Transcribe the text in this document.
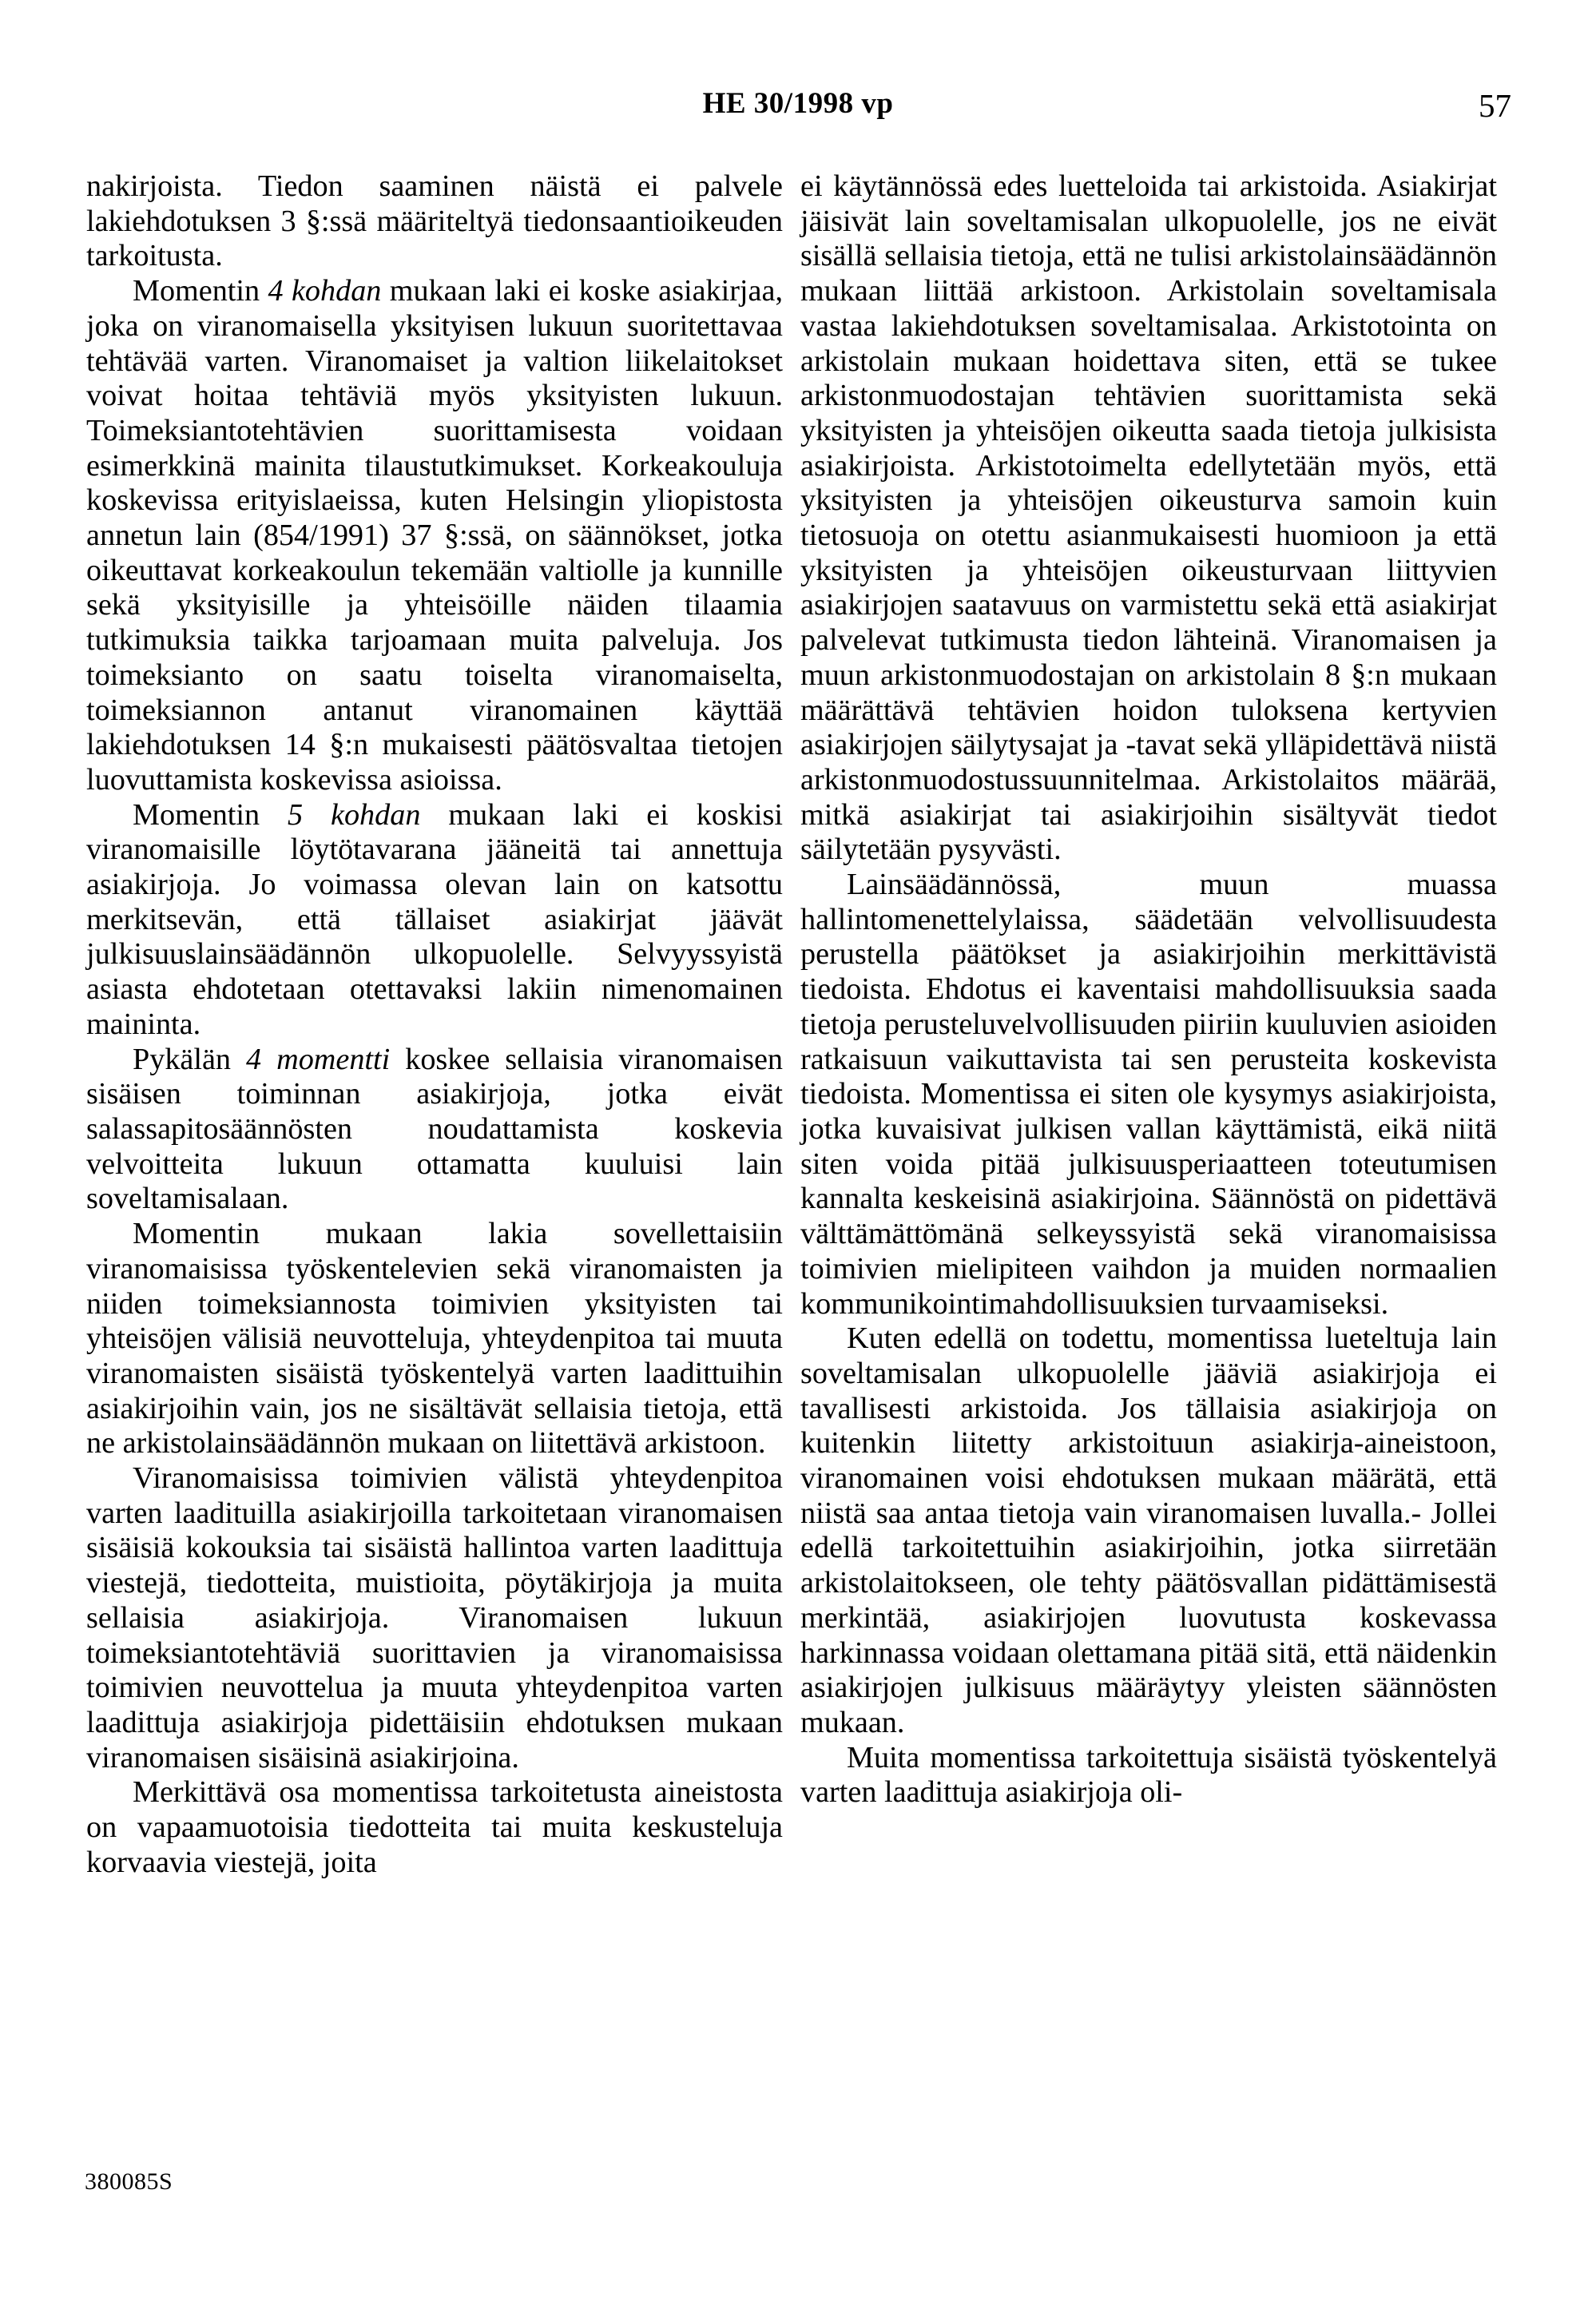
HE 30/1998 vp	57

nakirjoista. Tiedon saaminen näistä ei palvele lakiehdotuksen 3 §:ssä määriteltyä tiedonsaantioikeuden tarkoitusta.

Momentin 4 kohdan mukaan laki ei koske asiakirjaa, joka on viranomaisella yksityisen lukuun suoritettavaa tehtävää varten. Viranomaiset ja valtion liikelaitokset voivat hoitaa tehtäviä myös yksityisten lukuun. Toimeksiantotehtävien suorittamisesta voidaan esimerkkinä mainita tilaustutkimukset. Korkeakouluja koskevissa erityislaeissa, kuten Helsingin yliopistosta annetun lain (854/1991) 37 §:ssä, on säännökset, jotka oikeuttavat korkeakoulun tekemään valtiolle ja kunnille sekä yksityisille ja yhteisöille näiden tilaamia tutkimuksia taikka tarjoamaan muita palveluja. Jos toimeksianto on saatu toiselta viranomaiselta, toimeksiannon antanut viranomainen käyttää lakiehdotuksen 14 §:n mukaisesti päätösvaltaa tietojen luovuttamista koskevissa asioissa.

Momentin 5 kohdan mukaan laki ei koskisi viranomaisille löytötavarana jääneitä tai annettuja asiakirjoja. Jo voimassa olevan lain on katsottu merkitsevän, että tällaiset asiakirjat jäävät julkisuuslainsäädännön ulkopuolelle. Selvyyssyistä asiasta ehdotetaan otettavaksi lakiin nimenomainen maininta.

Pykälän 4 momentti koskee sellaisia viranomaisen sisäisen toiminnan asiakirjoja, jotka eivät salassapitosäännösten noudattamista koskevia velvoitteita lukuun ottamatta kuuluisi lain soveltamisalaan.

Momentin mukaan lakia sovellettaisiin viranomaisissa työskentelevien sekä viranomaisten ja niiden toimeksiannosta toimivien yksityisten tai yhteisöjen välisiä neuvotteluja, yhteydenpitoa tai muuta viranomaisten sisäistä työskentelyä varten laadittuihin asiakirjoihin vain, jos ne sisältävät sellaisia tietoja, että ne arkistolainsäädännön mukaan on liitettävä arkistoon.

Viranomaisissa toimivien välistä yhteydenpitoa varten laadituilla asiakirjoilla tarkoitetaan viranomaisen sisäisiä kokouksia tai sisäistä hallintoa varten laadittuja viestejä, tiedotteita, muistioita, pöytäkirjoja ja muita sellaisia asiakirjoja. Viranomaisen lukuun toimeksiantotehtäviä suorittavien ja viranomaisissa toimivien neuvottelua ja muuta yhteydenpitoa varten laadittuja asiakirjoja pidettäisiin ehdotuksen mukaan viranomaisen sisäisinä asiakirjoina.

Merkittävä osa momentissa tarkoitetusta aineistosta on vapaamuotoisia tiedotteita tai muita keskusteluja korvaavia viestejä, joita

ei käytännössä edes luetteloida tai arkistoida. Asiakirjat jäisivät lain soveltamisalan ulkopuolelle, jos ne eivät sisällä sellaisia tietoja, että ne tulisi arkistolainsäädännön mukaan liittää arkistoon. Arkistolain soveltamisala vastaa lakiehdotuksen soveltamisalaa. Arkistotointa on arkistolain mukaan hoidettava siten, että se tukee arkistonmuodostajan tehtävien suorittamista sekä yksityisten ja yhteisöjen oikeutta saada tietoja julkisista asiakirjoista. Arkistotoimelta edellytetään myös, että yksityisten ja yhteisöjen oikeusturva samoin kuin tietosuoja on otettu asianmukaisesti huomioon ja että yksityisten ja yhteisöjen oikeusturvaan liittyvien asiakirjojen saatavuus on varmistettu sekä että asiakirjat palvelevat tutkimusta tiedon lähteinä. Viranomaisen ja muun arkistonmuodostajan on arkistolain 8 §:n mukaan määrättävä tehtävien hoidon tuloksena kertyvien asiakirjojen säilytysajat ja -tavat sekä ylläpidettävä niistä arkistonmuodostussuunnitelmaa. Arkistolaitos määrää, mitkä asiakirjat tai asiakirjoihin sisältyvät tiedot säilytetään pysyvästi.

Lainsäädännössä, muun muassa hallintomenettelylaissa, säädetään velvollisuudesta perustella päätökset ja asiakirjoihin merkittävistä tiedoista. Ehdotus ei kaventaisi mahdollisuuksia saada tietoja perusteluvelvollisuuden piiriin kuuluvien asioiden ratkaisuun vaikuttavista tai sen perusteita koskevista tiedoista. Momentissa ei siten ole kysymys asiakirjoista, jotka kuvaisivat julkisen vallan käyttämistä, eikä niitä siten voida pitää julkisuusperiaatteen toteutumisen kannalta keskeisinä asiakirjoina. Säännöstä on pidettävä välttämättömänä selkeyssyistä sekä viranomaisissa toimivien mielipiteen vaihdon ja muiden normaalien kommunikointimahdollisuuksien turvaamiseksi.

Kuten edellä on todettu, momentissa lueteltuja lain soveltamisalan ulkopuolelle jääviä asiakirjoja ei tavallisesti arkistoida. Jos tällaisia asiakirjoja on kuitenkin liitetty arkistoituun asiakirja-aineistoon, viranomainen voisi ehdotuksen mukaan määrätä, että niistä saa antaa tietoja vain viranomaisen luvalla.- Jollei edellä tarkoitettuihin asiakirjoihin, jotka siirretään arkistolaitokseen, ole tehty päätösvallan pidättämisestä merkintää, asiakirjojen luovutusta koskevassa harkinnassa voidaan olettamana pitää sitä, että näidenkin asiakirjojen julkisuus määräytyy yleisten säännösten mukaan.

Muita momentissa tarkoitettuja sisäistä työskentelyä varten laadittuja asiakirjoja oli-

380085S
